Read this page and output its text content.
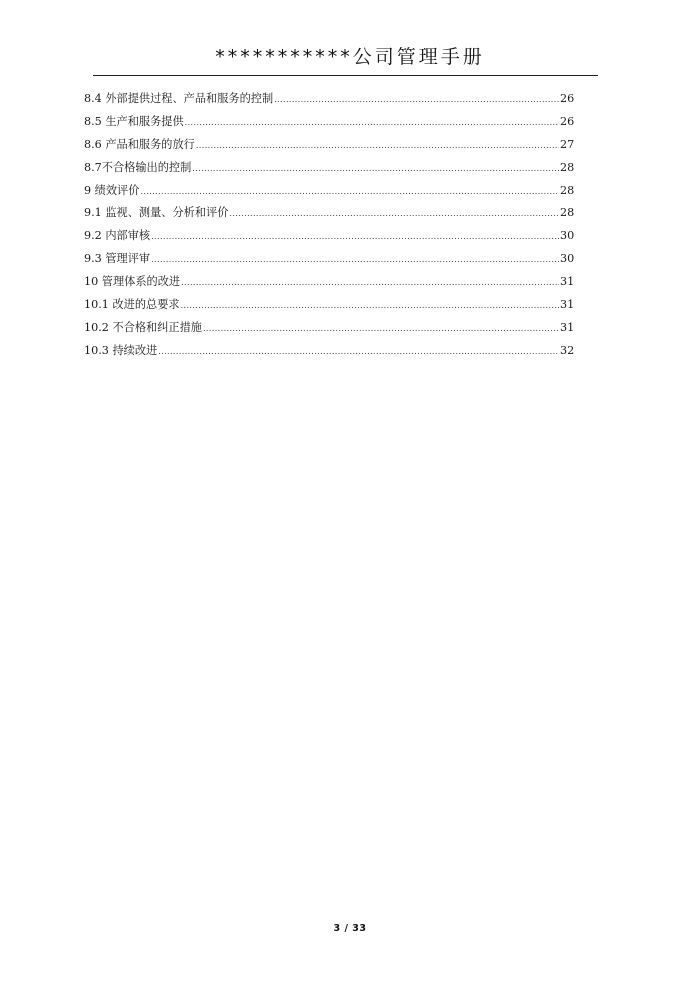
***********公司管理手册
8.4 外部提供过程、产品和服务的控制 .....	26
8.5 生产和服务提供 .....	26
8.6 产品和服务的放行 .....	27
8.7不合格输出的控制 .....	28
9 绩效评价 .....	28
9.1 监视、测量、分析和评价 .....	28
9.2 内部审核 .....	30
9.3 管理评审 .....	30
10 管理体系的改进 .....	31
10.1 改进的总要求 .....	31
10.2 不合格和纠正措施 .....	31
10.3 持续改进 .....	32
3 / 33
